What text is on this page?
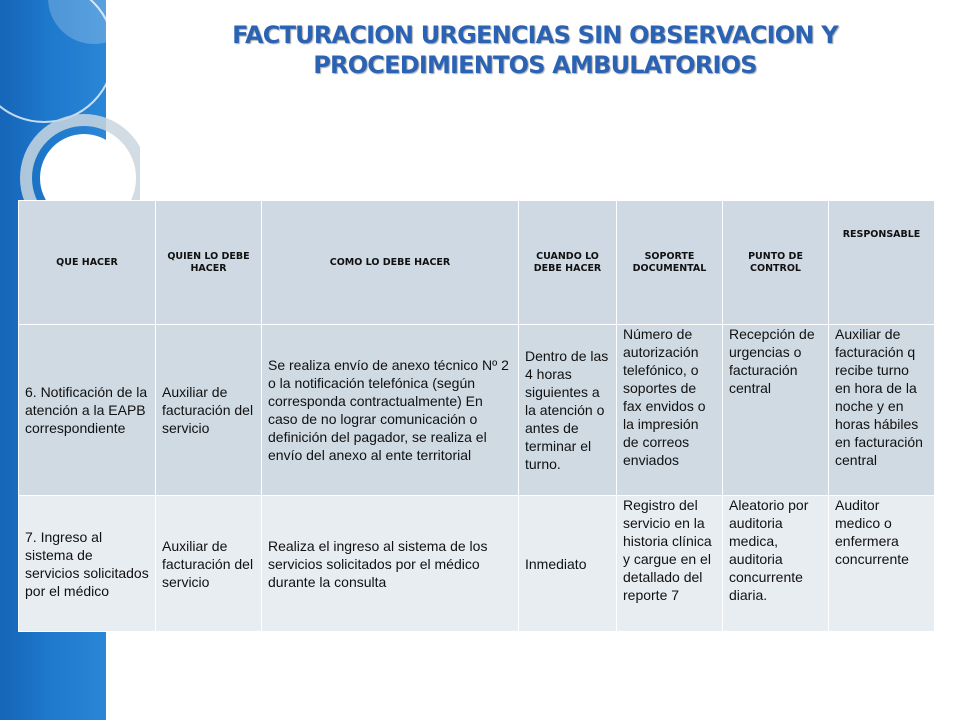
FACTURACION URGENCIAS SIN OBSERVACION Y
PROCEDIMIENTOS AMBULATORIOS
QUE HACER	QUIEN LO DEBE HACER	COMO LO DEBE HACER	CUANDO LO DEBE HACER	SOPORTE DOCUMENTAL	PUNTO DE CONTROL	RESPONSABLE
6. Notificación de la atención a la EAPB correspondiente	Auxiliar de facturación del servicio	Se realiza envío de anexo técnico Nº 2 o la notificación telefónica (según corresponda contractualmente) En caso de no lograr comunicación o definición del pagador, se realiza el envío del anexo al ente territorial	Dentro de las 4 horas siguientes a la atención o antes de terminar el turno.	Número de autorización telefónico, o soportes de fax envidos o la impresión de correos enviados	Recepción de urgencias o facturación central	Auxiliar de facturación q recibe turno en hora de la noche y en horas hábiles en facturación central
7. Ingreso al sistema de servicios solicitados por el médico	Auxiliar de facturación del servicio	Realiza el ingreso al sistema de los servicios solicitados por el médico durante la consulta	Inmediato	Registro del servicio en la historia clínica y cargue en el detallado del reporte 7	Aleatorio por auditoria medica, auditoria concurrente diaria.	Auditor medico o enfermera concurrente
